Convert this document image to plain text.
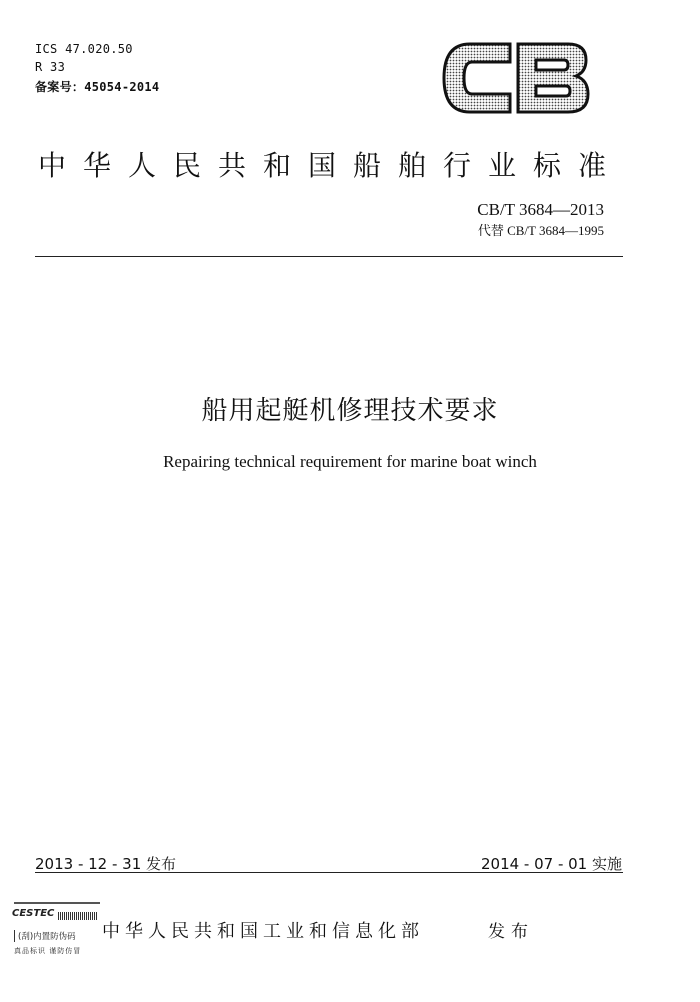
ICS 47.020.50
R 33
备案号：45054-2014
中华人民共和国船舶行业标准
CB/T 3684—2013
代替 CB/T 3684—1995
船用起艇机修理技术要求
Repairing technical requirement for marine boat winch
2013 - 12 - 31 发布	2014 - 07 - 01 实施
CESTEC
(刮)内置防伪码
真品标识 谨防仿冒
中华人民共和国工业和信息化部	发布
